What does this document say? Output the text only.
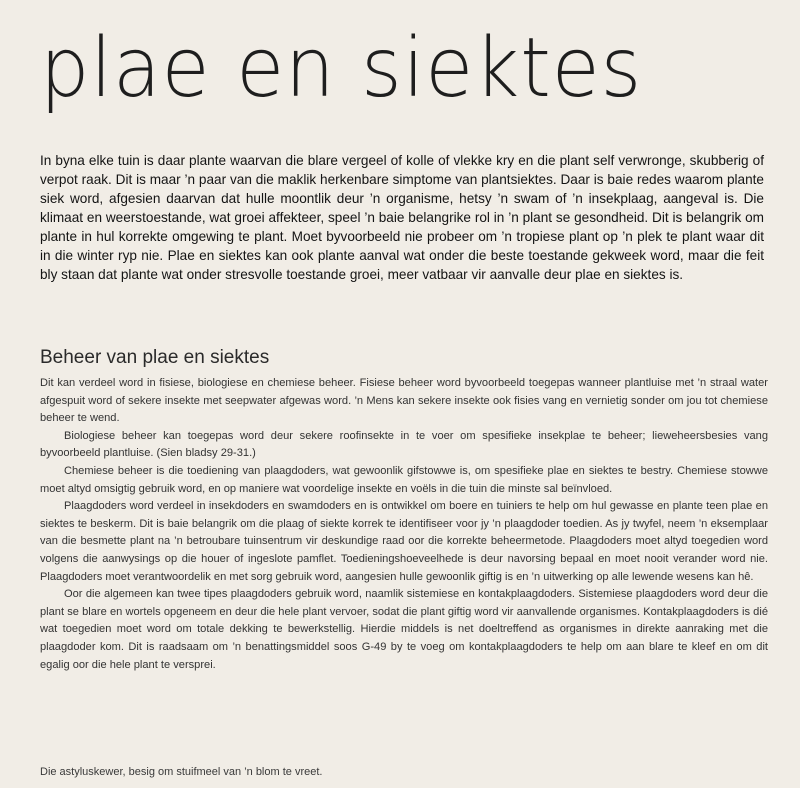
plae en siektes

In byna elke tuin is daar plante waarvan die blare vergeel of kolle of vlekke kry en die plant self verwronge, skubberig of verpot raak. Dit is maar ’n paar van die maklik herkenbare simptome van plantsiektes. Daar is baie redes waarom plante siek word, afgesien daarvan dat hulle moontlik deur ’n organisme, hetsy ’n swam of ’n insekplaag, aangeval is. Die klimaat en weerstoestande, wat groei affekteer, speel ’n baie belangrike rol in ’n plant se gesondheid. Dit is belangrik om plante in hul korrekte omgewing te plant. Moet byvoorbeeld nie probeer om ’n tropiese plant op ’n plek te plant waar dit in die winter ryp nie. Plae en siektes kan ook plante aanval wat onder die beste toestande gekweek word, maar die feit bly staan dat plante wat onder stresvolle toestande groei, meer vatbaar vir aanvalle deur plae en siektes is.

Beheer van plae en siektes

Dit kan verdeel word in fisiese, biologiese en chemiese beheer. Fisiese beheer word byvoorbeeld toegepas wanneer plantluise met ’n straal water afgespuit word of sekere insekte met seepwater afgewas word. ’n Mens kan sekere insekte ook fisies vang en vernietig sonder om jou tot chemiese beheer te wend.

Biologiese beheer kan toegepas word deur sekere roofinsekte in te voer om spesifieke insekplae te beheer; lieweheersbesies vang byvoorbeeld plantluise. (Sien bladsy 29-31.)

Chemiese beheer is die toediening van plaagdoders, wat gewoonlik gifstowwe is, om spesifieke plae en siektes te bestry. Chemiese stowwe moet altyd omsigtig gebruik word, en op maniere wat voordelige insekte en voëls in die tuin die minste sal beïnvloed.

Plaagdoders word verdeel in insekdoders en swamdoders en is ontwikkel om boere en tuiniers te help om hul gewasse en plante teen plae en siektes te beskerm. Dit is baie belangrik om die plaag of siekte korrek te identifiseer voor jy ’n plaagdoder toedien. As jy twyfel, neem ’n eksemplaar van die besmette plant na ’n betroubare tuinsentrum vir deskundige raad oor die korrekte beheermetode. Plaagdoders moet altyd toegedien word volgens die aanwysings op die houer of ingeslote pamflet. Toedieningshoeveelhede is deur navorsing bepaal en moet nooit verander word nie. Plaagdoders moet verantwoordelik en met sorg gebruik word, aangesien hulle gewoonlik giftig is en ’n uitwerking op alle lewende wesens kan hê.

Oor die algemeen kan twee tipes plaagdoders gebruik word, naamlik sistemiese en kontakplaagdoders. Sistemiese plaagdoders word deur die plant se blare en wortels opgeneem en deur die hele plant vervoer, sodat die plant giftig word vir aanvallende organismes. Kontakplaagdoders is dié wat toegedien moet word om totale dekking te bewerkstellig. Hierdie middels is net doeltreffend as organismes in direkte aanraking met die plaagdoder kom. Dit is raadsaam om ’n benattingsmiddel soos G-49 by te voeg om kontakplaagdoders te help om aan blare te kleef en om dit egalig oor die hele plant te versprei.

Die astyluskewer, besig om stuifmeel van ’n blom te vreet.
